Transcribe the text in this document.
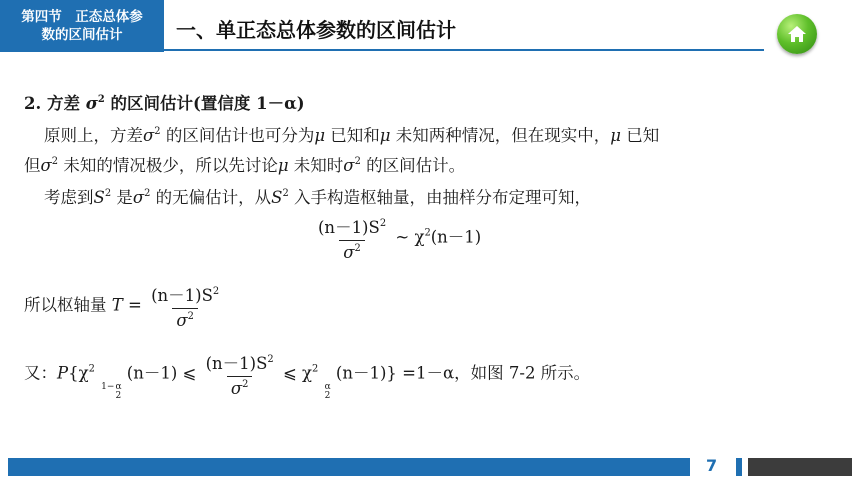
第四节　正态总体参
数的区间估计	一、单正态总体参数的区间估计
2. 方差 $\sigma^2$ 的区间估计(置信度 1－α)
原则上，方差$\sigma^2$ 的区间估计也可分为μ 已知和μ 未知两种情况，但在现实中，μ 已知
但$\sigma^2$ 未知的情况极少，所以先讨论μ 未知时$\sigma^2$ 的区间估计。
考虑到$S^2$ 是$\sigma^2$ 的无偏估计，从$S^2$ 入手构造枢轴量，由抽样分布定理可知，
$\frac{(n-1)S^2}{\sigma^2}$ ~ $\chi^2(n-1)$
所以枢轴量 $T = \frac{(n-1)S^2}{\sigma^2}$
又：$P\{\chi^2$
1− α
2
(n－1) ⩽ $\frac{(n-1)S^2}{\sigma^2}$ ⩽ $\chi^2$
α
2
(n－1)} =1－α，如图 7-2 所示。
7
